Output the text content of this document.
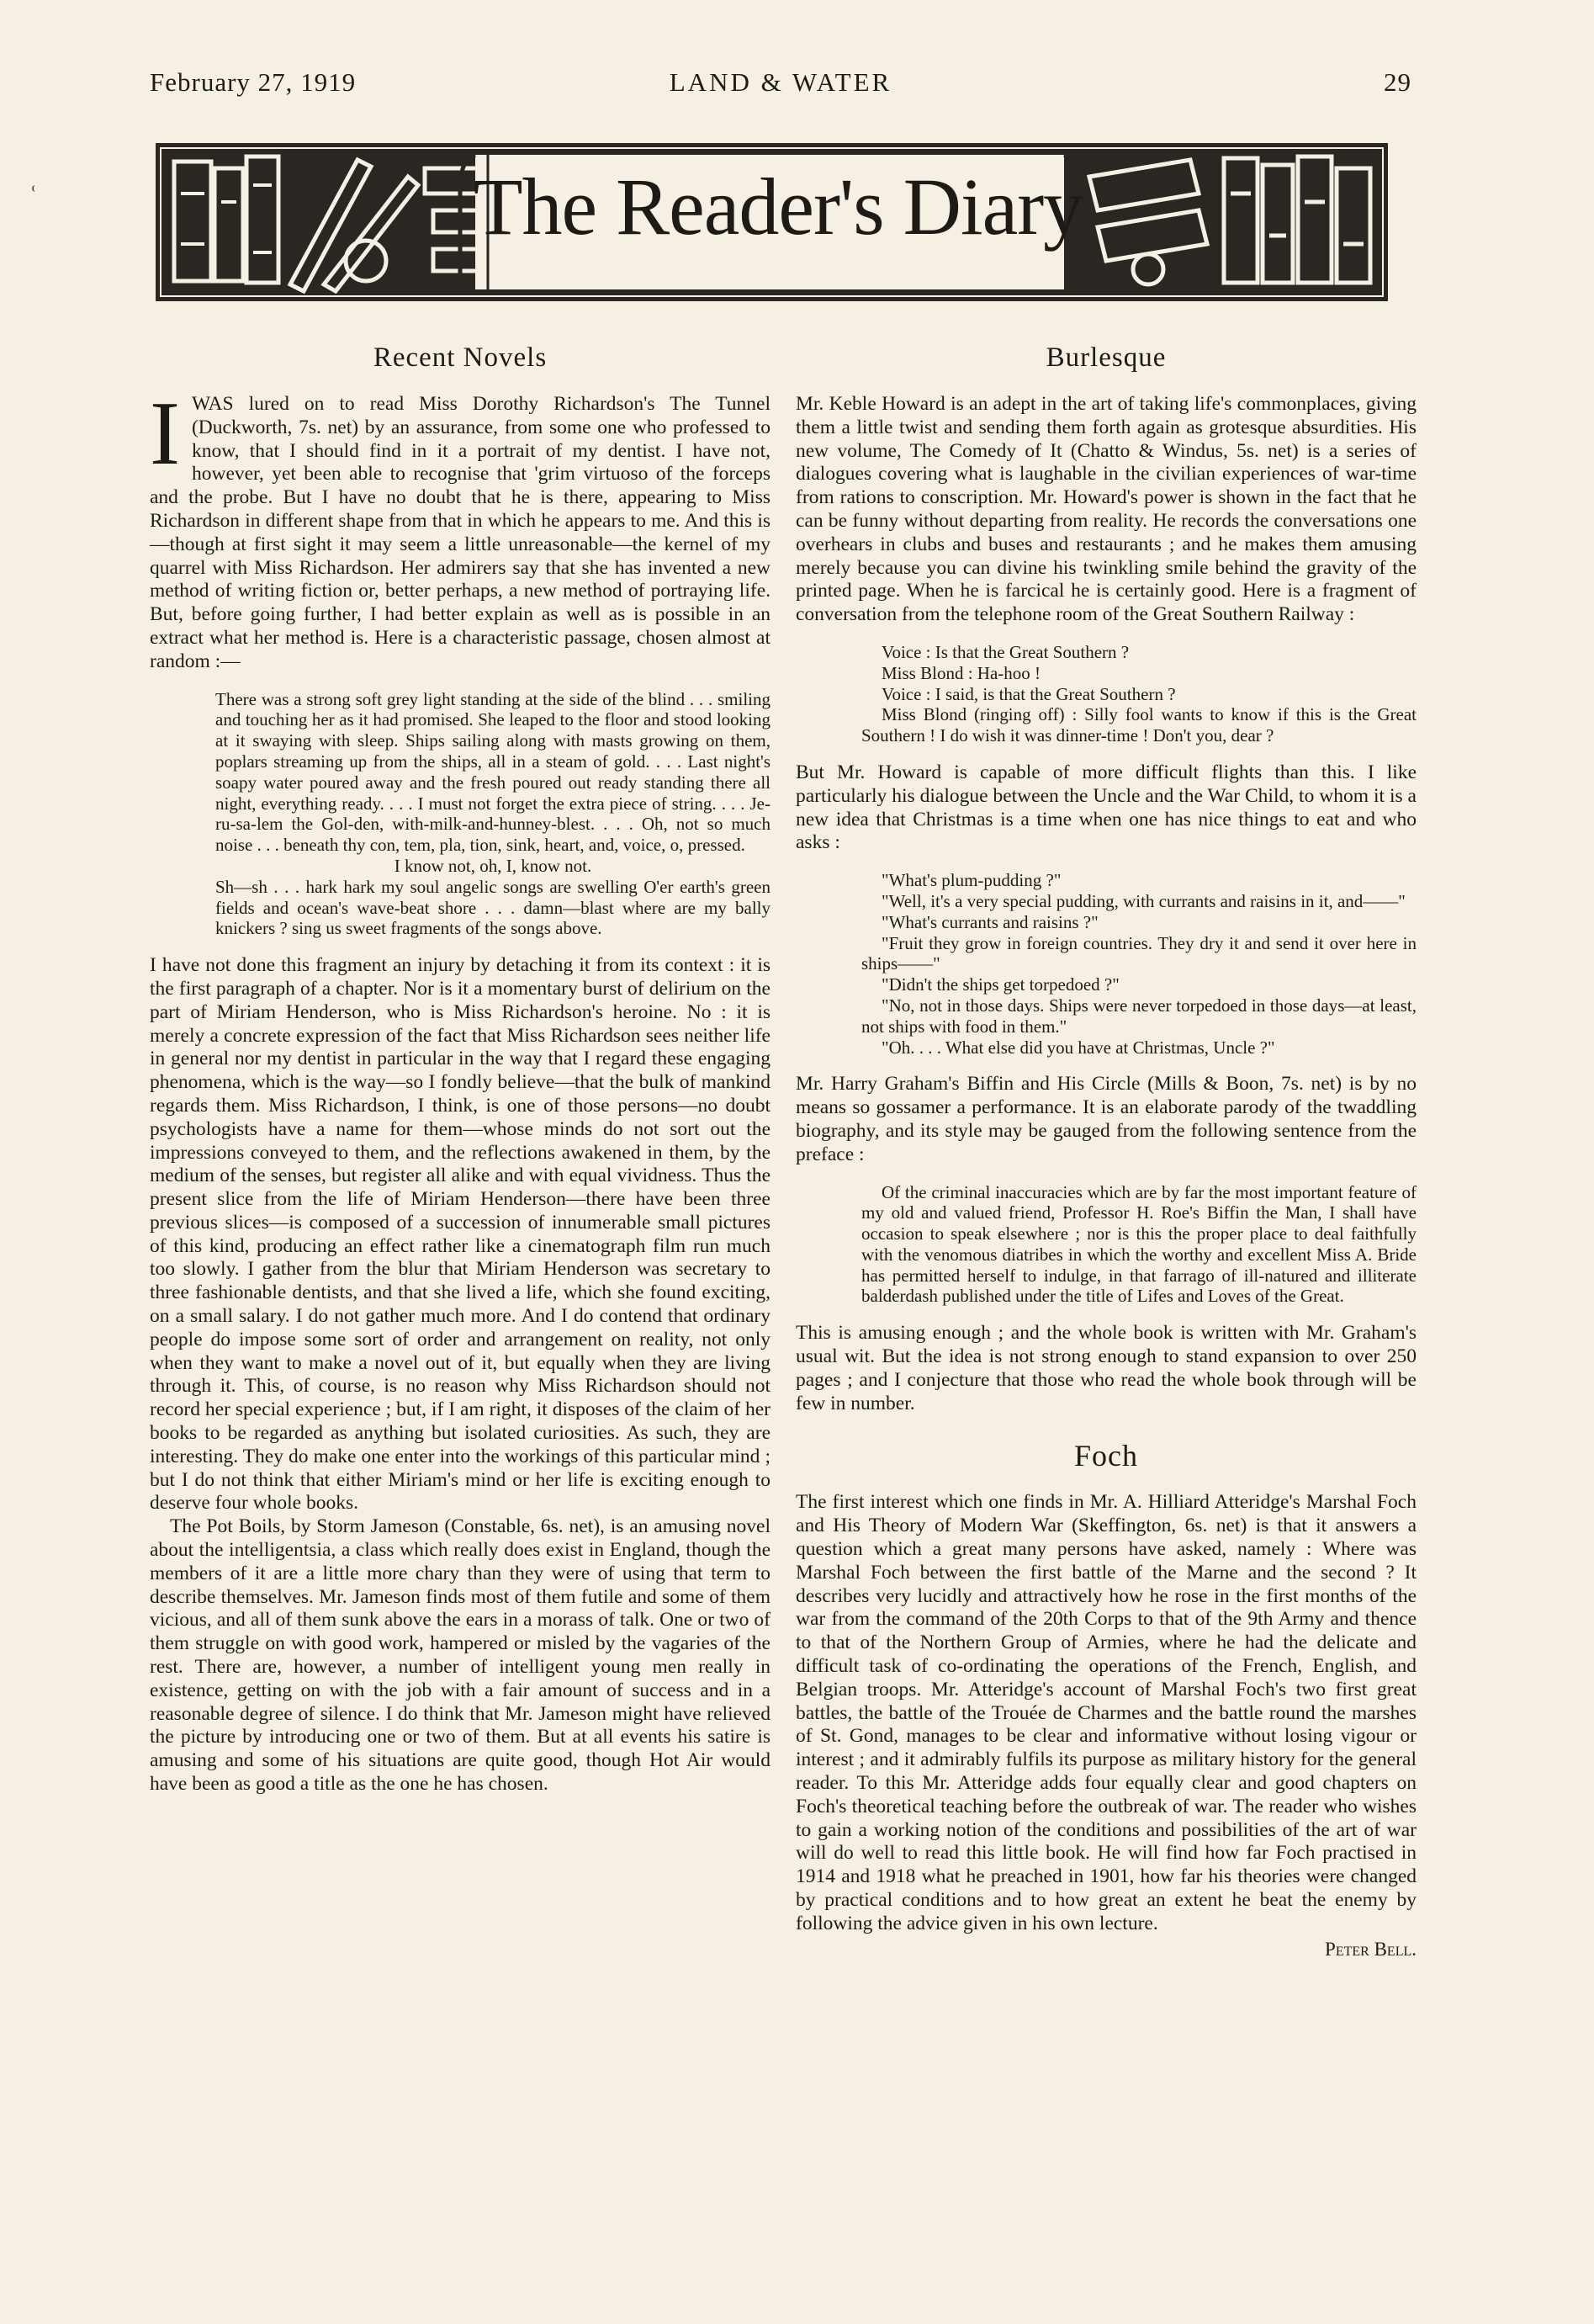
February 27, 1919	LAND & WATER	29
The Reader's Diary
Recent Novels

IWAS lured on to read Miss Dorothy Richardson's The Tunnel (Duckworth, 7s. net) by an assurance, from some one who professed to know, that I should find in it a portrait of my dentist. I have not, however, yet been able to recognise that 'grim virtuoso of the forceps and the probe. But I have no doubt that he is there, appearing to Miss Richardson in different shape from that in which he appears to me. And this is—though at first sight it may seem a little unreasonable—the kernel of my quarrel with Miss Richardson. Her admirers say that she has invented a new method of writing fiction or, better perhaps, a new method of portraying life. But, before going further, I had better explain as well as is possible in an extract what her method is. Here is a characteristic passage, chosen almost at random :—

There was a strong soft grey light standing at the side of the blind . . . smiling and touching her as it had promised. She leaped to the floor and stood looking at it swaying with sleep. Ships sailing along with masts growing on them, poplars streaming up from the ships, all in a steam of gold. . . . Last night's soapy water poured away and the fresh poured out ready standing there all night, everything ready. . . . I must not forget the extra piece of string. . . . Je-ru-sa-lem the Gol-den, with-milk-and-hunney-blest. . . . Oh, not so much noise . . . beneath thy con, tem, pla, tion, sink, heart, and, voice, o, pressed.

I know not, oh, I, know not.

Sh—sh . . . hark hark my soul angelic songs are swelling O'er earth's green fields and ocean's wave-beat shore . . . damn—blast where are my bally knickers ? sing us sweet fragments of the songs above.

I have not done this fragment an injury by detaching it from its context : it is the first paragraph of a chapter. Nor is it a momentary burst of delirium on the part of Miriam Henderson, who is Miss Richardson's heroine. No : it is merely a concrete expression of the fact that Miss Richardson sees neither life in general nor my dentist in particular in the way that I regard these engaging phenomena, which is the way—so I fondly believe—that the bulk of mankind regards them. Miss Richardson, I think, is one of those persons—no doubt psychologists have a name for them—whose minds do not sort out the impressions conveyed to them, and the reflections awakened in them, by the medium of the senses, but register all alike and with equal vividness. Thus the present slice from the life of Miriam Henderson—there have been three previous slices—is composed of a succession of innumerable small pictures of this kind, producing an effect rather like a cinematograph film run much too slowly. I gather from the blur that Miriam Henderson was secretary to three fashionable dentists, and that she lived a life, which she found exciting, on a small salary. I do not gather much more. And I do contend that ordinary people do impose some sort of order and arrangement on reality, not only when they want to make a novel out of it, but equally when they are living through it. This, of course, is no reason why Miss Richardson should not record her special experience ; but, if I am right, it disposes of the claim of her books to be regarded as anything but isolated curiosities. As such, they are interesting. They do make one enter into the workings of this particular mind ; but I do not think that either Miriam's mind or her life is exciting enough to deserve four whole books.

The Pot Boils, by Storm Jameson (Constable, 6s. net), is an amusing novel about the intelligentsia, a class which really does exist in England, though the members of it are a little more chary than they were of using that term to describe themselves. Mr. Jameson finds most of them futile and some of them vicious, and all of them sunk above the ears in a morass of talk. One or two of them struggle on with good work, hampered or misled by the vagaries of the rest. There are, however, a number of intelligent young men really in existence, getting on with the job with a fair amount of success and in a reasonable degree of silence. I do think that Mr. Jameson might have relieved the picture by introducing one or two of them. But at all events his satire is amusing and some of his situations are quite good, though Hot Air would have been as good a title as the one he has chosen.

Burlesque

Mr. Keble Howard is an adept in the art of taking life's commonplaces, giving them a little twist and sending them forth again as grotesque absurdities. His new volume, The Comedy of It (Chatto & Windus, 5s. net) is a series of dialogues covering what is laughable in the civilian experiences of war-time from rations to conscription. Mr. Howard's power is shown in the fact that he can be funny without departing from reality. He records the conversations one overhears in clubs and buses and restaurants ; and he makes them amusing merely because you can divine his twinkling smile behind the gravity of the printed page. When he is farcical he is certainly good. Here is a fragment of conversation from the telephone room of the Great Southern Railway :

Voice : Is that the Great Southern ?

Miss Blond : Ha-hoo !

Voice : I said, is that the Great Southern ?

Miss Blond (ringing off) : Silly fool wants to know if this is the Great Southern ! I do wish it was dinner-time ! Don't you, dear ?

But Mr. Howard is capable of more difficult flights than this. I like particularly his dialogue between the Uncle and the War Child, to whom it is a new idea that Christmas is a time when one has nice things to eat and who asks :

"What's plum-pudding ?"

"Well, it's a very special pudding, with currants and raisins in it, and——"

"What's currants and raisins ?"

"Fruit they grow in foreign countries. They dry it and send it over here in ships——"

"Didn't the ships get torpedoed ?"

"No, not in those days. Ships were never torpedoed in those days—at least, not ships with food in them."

"Oh. . . . What else did you have at Christmas, Uncle ?"

Mr. Harry Graham's Biffin and His Circle (Mills & Boon, 7s. net) is by no means so gossamer a performance. It is an elaborate parody of the twaddling biography, and its style may be gauged from the following sentence from the preface :

Of the criminal inaccuracies which are by far the most important feature of my old and valued friend, Professor H. Roe's Biffin the Man, I shall have occasion to speak elsewhere ; nor is this the proper place to deal faithfully with the venomous diatribes in which the worthy and excellent Miss A. Bride has permitted herself to indulge, in that farrago of ill-natured and illiterate balderdash published under the title of Lifes and Loves of the Great.

This is amusing enough ; and the whole book is written with Mr. Graham's usual wit. But the idea is not strong enough to stand expansion to over 250 pages ; and I conjecture that those who read the whole book through will be few in number.

Foch

The first interest which one finds in Mr. A. Hilliard Atteridge's Marshal Foch and His Theory of Modern War (Skeffington, 6s. net) is that it answers a question which a great many persons have asked, namely : Where was Marshal Foch between the first battle of the Marne and the second ? It describes very lucidly and attractively how he rose in the first months of the war from the command of the 20th Corps to that of the 9th Army and thence to that of the Northern Group of Armies, where he had the delicate and difficult task of co-ordinating the operations of the French, English, and Belgian troops. Mr. Atteridge's account of Marshal Foch's two first great battles, the battle of the Trouée de Charmes and the battle round the marshes of St. Gond, manages to be clear and informative without losing vigour or interest ; and it admirably fulfils its purpose as military history for the general reader. To this Mr. Atteridge adds four equally clear and good chapters on Foch's theoretical teaching before the outbreak of war. The reader who wishes to gain a working notion of the conditions and possibilities of the art of war will do well to read this little book. He will find how far Foch practised in 1914 and 1918 what he preached in 1901, how far his theories were changed by practical conditions and to how great an extent he beat the enemy by following the advice given in his own lecture.

Peter Bell.
